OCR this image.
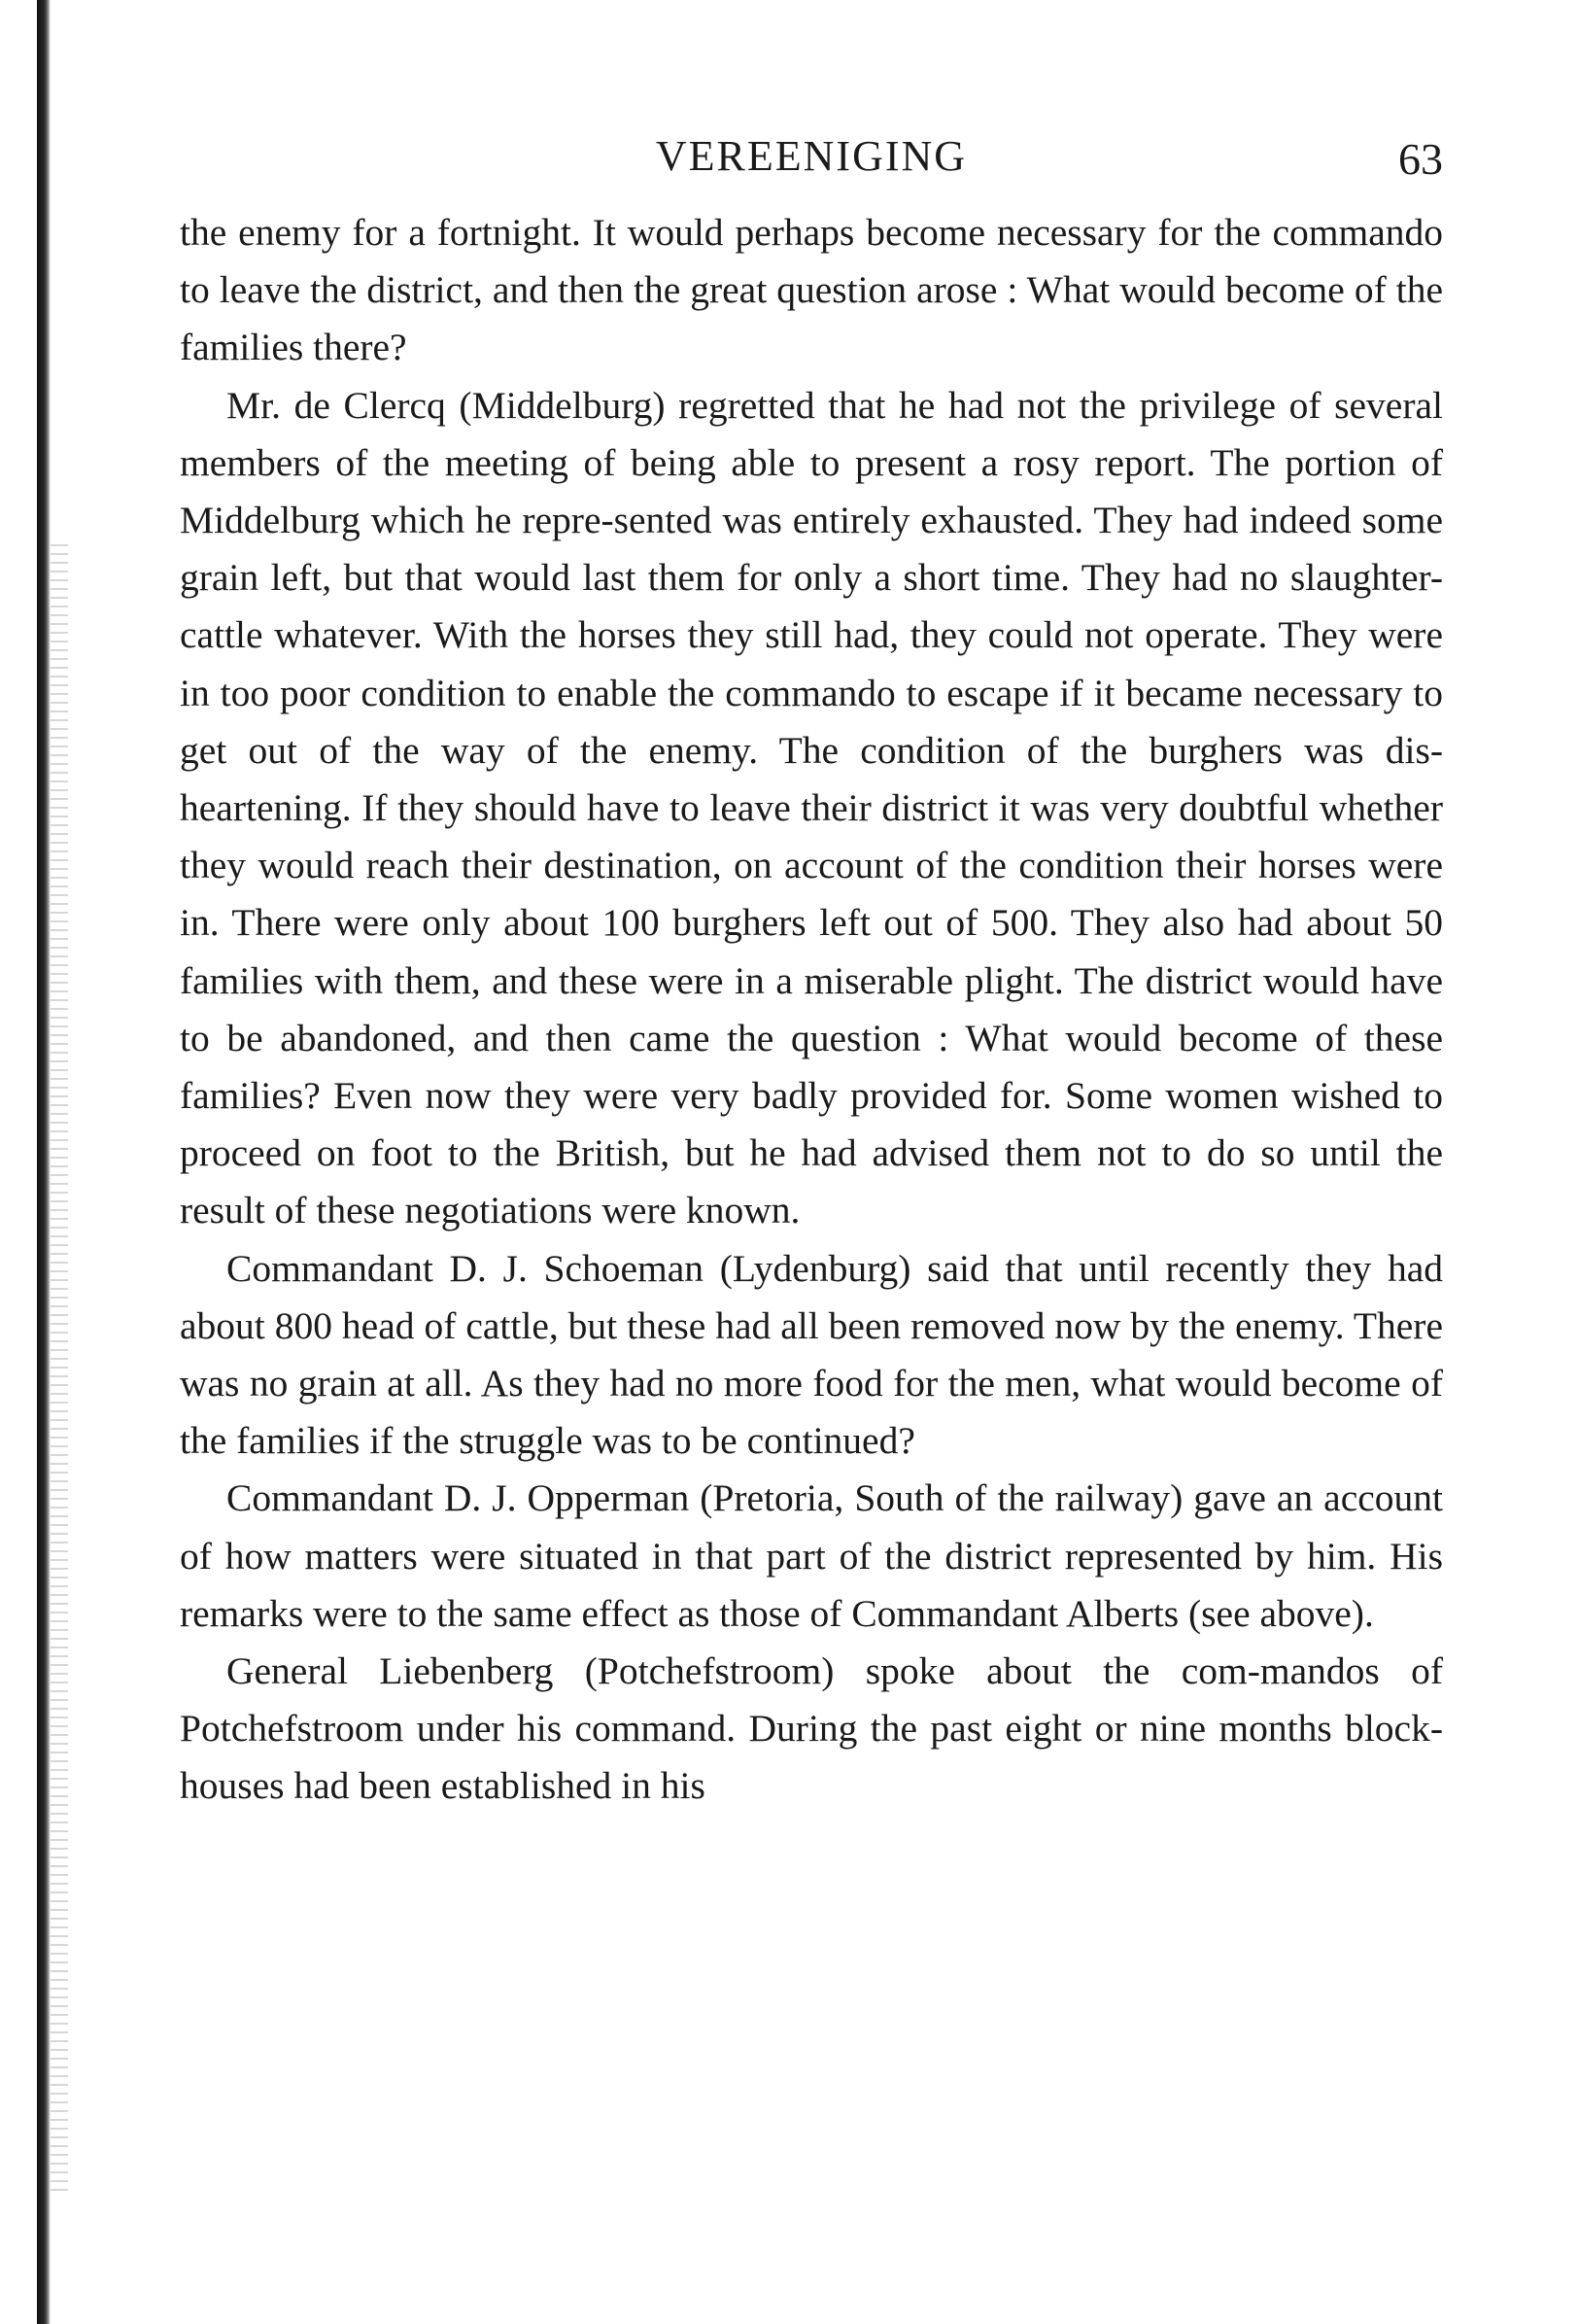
VEREENIGING	63

the enemy for a fortnight. It would perhaps become necessary for the commando to leave the district, and then the great question arose : What would become of the families there?

Mr. de Clercq (Middelburg) regretted that he had not the privilege of several members of the meeting of being able to present a rosy report. The portion of Middelburg which he repre-sented was entirely exhausted. They had indeed some grain left, but that would last them for only a short time. They had no slaughter-cattle whatever. With the horses they still had, they could not operate. They were in too poor condition to enable the commando to escape if it became necessary to get out of the way of the enemy. The condition of the burghers was dis-heartening. If they should have to leave their district it was very doubtful whether they would reach their destination, on account of the condition their horses were in. There were only about 100 burghers left out of 500. They also had about 50 families with them, and these were in a miserable plight. The district would have to be abandoned, and then came the question : What would become of these families? Even now they were very badly provided for. Some women wished to proceed on foot to the British, but he had advised them not to do so until the result of these negotiations were known.

Commandant D. J. Schoeman (Lydenburg) said that until recently they had about 800 head of cattle, but these had all been removed now by the enemy. There was no grain at all. As they had no more food for the men, what would become of the families if the struggle was to be continued?

Commandant D. J. Opperman (Pretoria, South of the railway) gave an account of how matters were situated in that part of the district represented by him. His remarks were to the same effect as those of Commandant Alberts (see above).

General Liebenberg (Potchefstroom) spoke about the com-mandos of Potchefstroom under his command. During the past eight or nine months block-houses had been established in his
